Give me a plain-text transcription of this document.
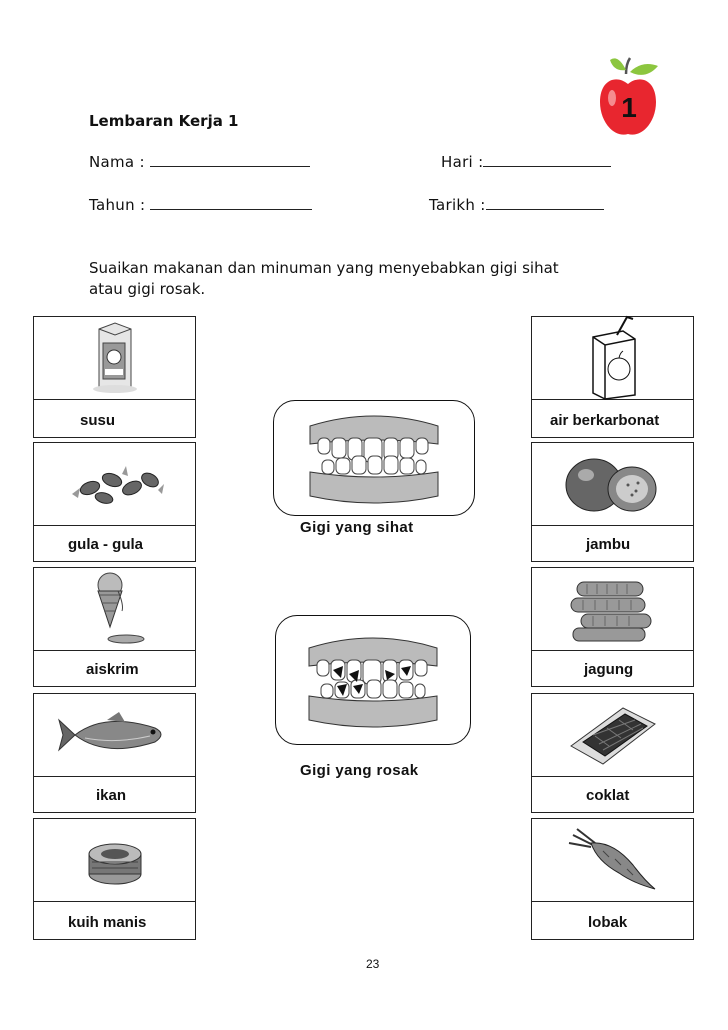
1
Lembaran Kerja 1
Nama :	Hari :
Tahun :	Tarikh :
Suaikan makanan dan minuman yang menyebabkan gigi sihat
atau gigi rosak.
susu
gula - gula
aiskrim
ikan
kuih manis
air berkarbonat
jambu
jagung
coklat
lobak
Gigi yang sihat
Gigi yang rosak
23
